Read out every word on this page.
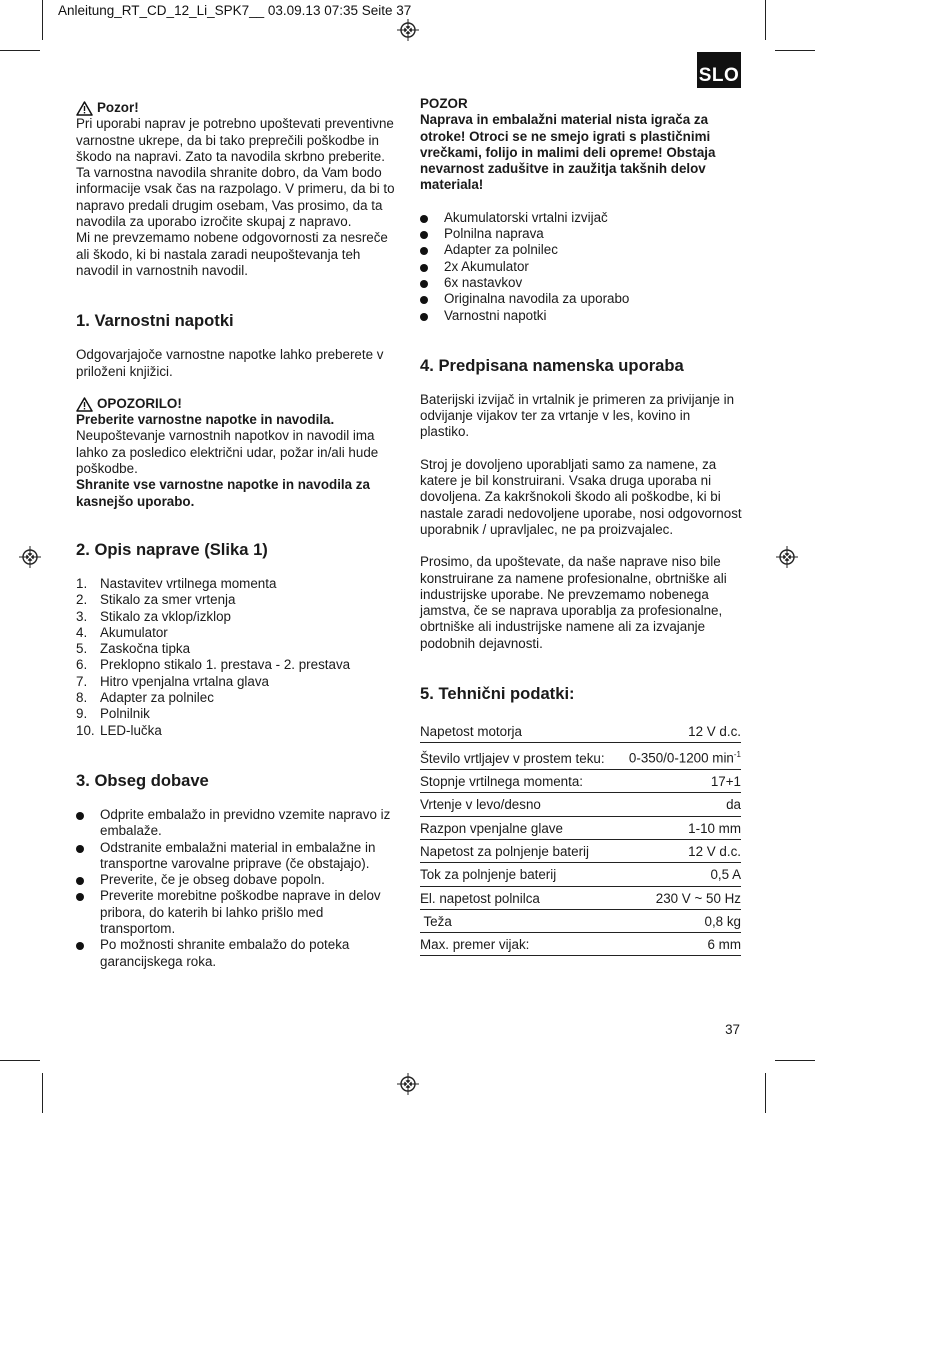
Anleitung_RT_CD_12_Li_SPK7__ 03.09.13 07:35 Seite 37
SLO
Pozor!

Pri uporabi naprav je potrebno upoštevati preventivne varnostne ukrepe, da bi tako preprečili poškodbe in škodo na napravi. Zato ta navodila skrbno preberite. Ta varnostna navodila shranite dobro, da Vam bodo informacije vsak čas na razpolago. V primeru, da bi to napravo predali drugim osebam, Vas prosimo, da ta navodila za uporabo izročite skupaj z napravo.

Mi ne prevzemamo nobene odgovornosti za nesreče ali škodo, ki bi nastala zaradi neupoštevanja teh navodil in varnostnih navodil.

1. Varnostni napotki

Odgovarjajoče varnostne napotke lahko preberete v priloženi knjižici.

OPOZORILO!

Preberite varnostne napotke in navodila.

Neupoštevanje varnostnih napotkov in navodil ima lahko za posledico električni udar, požar in/ali hude poškodbe.

Shranite vse varnostne napotke in navodila za kasnejšo uporabo.

2. Opis naprave (Slika 1)
1. Nastavitev vrtilnega momenta
2. Stikalo za smer vrtenja
3. Stikalo za vklop/izklop
4. Akumulator
5. Zaskočna tipka
6. Preklopno stikalo 1. prestava - 2. prestava
7. Hitro vpenjalna vrtalna glava
8. Adapter za polnilec
9. Polnilnik
10. LED-lučka
3. Obseg dobave
Odprite embalažo in previdno vzemite napravo iz embalaže.
Odstranite embalažni material in embalažne in transportne varovalne priprave (če obstajajo).
Preverite, če je obseg dobave popoln.
Preverite morebitne poškodbe naprave in delov pribora, do katerih bi lahko prišlo med transportom.
Po možnosti shranite embalažo do poteka garancijskega roka.

POZOR

Naprava in embalažni material nista igrača za otroke! Otroci se ne smejo igrati s plastičnimi vrečkami, folijo in malimi deli opreme! Obstaja nevarnost zadušitve in zaužitja takšnih delov materiala!

Akumulatorski vrtalni izvijač
Polnilna naprava
Adapter za polnilec
2x Akumulator
6x nastavkov
Originalna navodila za uporabo
Varnostni napotki
4. Predpisana namenska uporaba

Baterijski izvijač in vrtalnik je primeren za privijanje in odvijanje vijakov ter za vrtanje v les, kovino in plastiko.

Stroj je dovoljeno uporabljati samo za namene, za katere je bil konstruirani. Vsaka druga uporaba ni dovoljena. Za kakršnokoli škodo ali poškodbe, ki bi nastale zaradi nedovoljene uporabe, nosi odgovornost uporabnik / upravljalec, ne pa proizvajalec.

Prosimo, da upoštevate, da naše naprave niso bile konstruirane za namene profesionalne, obrtniške ali industrijske uporabe. Ne prevzemamo nobenega jamstva, če se naprava uporablja za profesionalne, obrtniške ali industrijske namene ali za izvajanje podobnih dejavnosti.

5. Tehnični podatki:
Napetost motorja	12 V d.c.
Število vrtljajev v prostem teku:	0-350/0-1200 $\min^{-1}$
Stopnje vrtilnega momenta:	17+1
Vrtenje v levo/desno	da
Razpon vpenjalne glave	1-10 mm
Napetost za polnjenje baterij	12 V d.c.
Tok za polnjenje baterij	0,5 A
El. napetost polnilca	230 V ~ 50 Hz
Teža	0,8 kg
Max. premer vijak:	6 mm
37
